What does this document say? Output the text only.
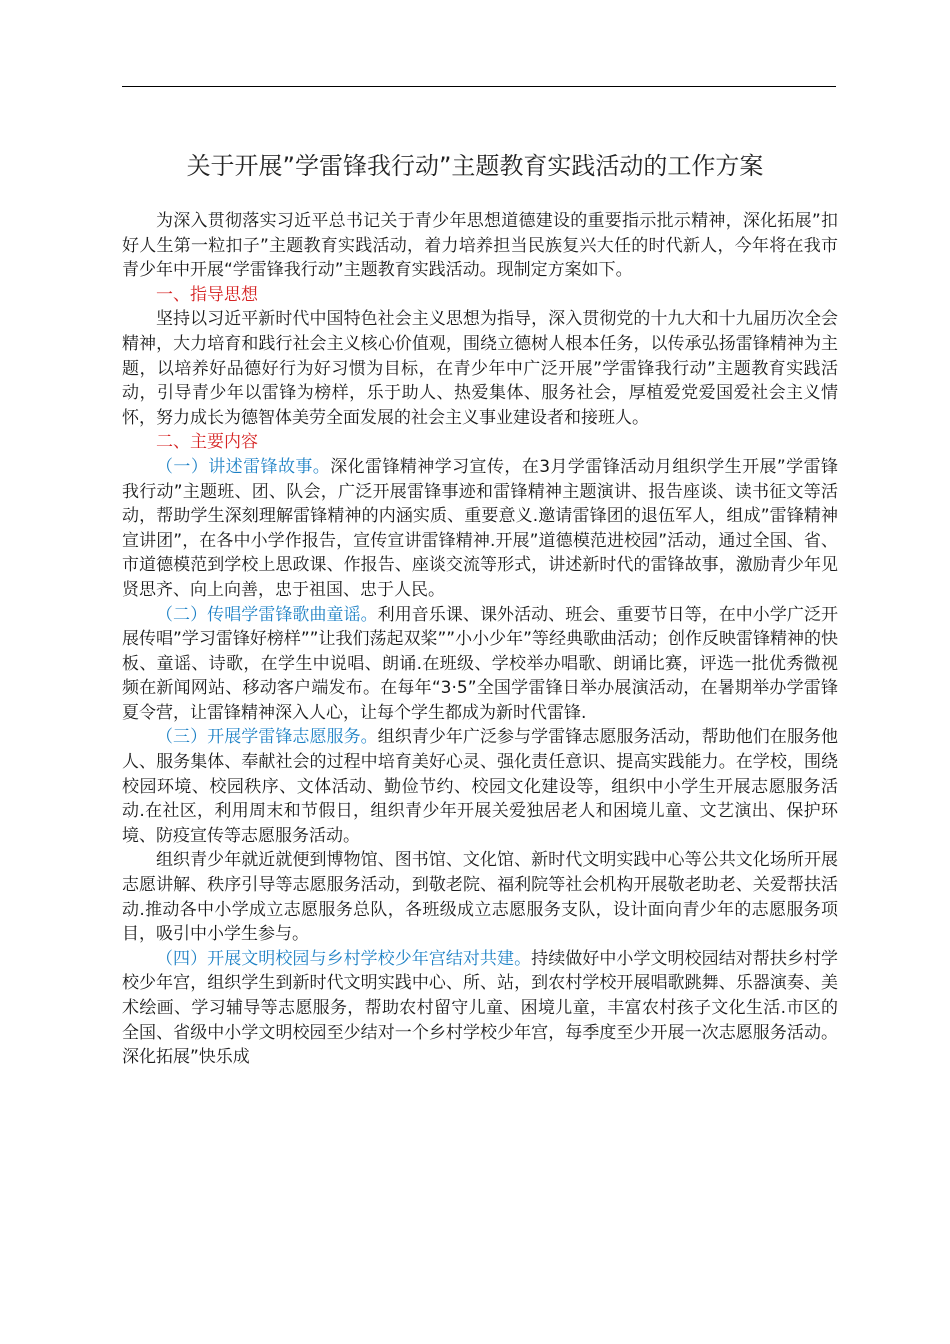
关于开展”学雷锋我行动”主题教育实践活动的工作方案

为深入贯彻落实习近平总书记关于青少年思想道德建设的重要指示批示精神，深化拓展”扣好人生第一粒扣子”主题教育实践活动，着力培养担当民族复兴大任的时代新人，今年将在我市青少年中开展“学雷锋我行动”主题教育实践活动。现制定方案如下。

一、指导思想

坚持以习近平新时代中国特色社会主义思想为指导，深入贯彻党的十九大和十九届历次全会精神，大力培育和践行社会主义核心价值观，围绕立德树人根本任务，以传承弘扬雷锋精神为主题，以培养好品德好行为好习惯为目标，在青少年中广泛开展”学雷锋我行动”主题教育实践活动，引导青少年以雷锋为榜样，乐于助人、热爱集体、服务社会，厚植爱党爱国爱社会主义情怀，努力成长为德智体美劳全面发展的社会主义事业建设者和接班人。

二、主要内容

（一）讲述雷锋故事。深化雷锋精神学习宣传，在3月学雷锋活动月组织学生开展”学雷锋我行动”主题班、团、队会，广泛开展雷锋事迹和雷锋精神主题演讲、报告座谈、读书征文等活动，帮助学生深刻理解雷锋精神的内涵实质、重要意义.邀请雷锋团的退伍军人，组成”雷锋精神宣讲团”，在各中小学作报告，宣传宣讲雷锋精神.开展”道德模范进校园”活动，通过全国、省、市道德模范到学校上思政课、作报告、座谈交流等形式，讲述新时代的雷锋故事，激励青少年见贤思齐、向上向善，忠于祖国、忠于人民。

（二）传唱学雷锋歌曲童谣。利用音乐课、课外活动、班会、重要节日等，在中小学广泛开展传唱”学习雷锋好榜样””让我们荡起双桨””小小少年”等经典歌曲活动；创作反映雷锋精神的快板、童谣、诗歌，在学生中说唱、朗诵.在班级、学校举办唱歌、朗诵比赛，评选一批优秀微视频在新闻网站、移动客户端发布。在每年“3·5”全国学雷锋日举办展演活动，在暑期举办学雷锋夏令营，让雷锋精神深入人心，让每个学生都成为新时代雷锋.

（三）开展学雷锋志愿服务。组织青少年广泛参与学雷锋志愿服务活动，帮助他们在服务他人、服务集体、奉献社会的过程中培育美好心灵、强化责任意识、提高实践能力。在学校，围绕校园环境、校园秩序、文体活动、勤俭节约、校园文化建设等，组织中小学生开展志愿服务活动.在社区，利用周末和节假日，组织青少年开展关爱独居老人和困境儿童、文艺演出、保护环境、防疫宣传等志愿服务活动。

组织青少年就近就便到博物馆、图书馆、文化馆、新时代文明实践中心等公共文化场所开展志愿讲解、秩序引导等志愿服务活动，到敬老院、福利院等社会机构开展敬老助老、关爱帮扶活动.推动各中小学成立志愿服务总队，各班级成立志愿服务支队，设计面向青少年的志愿服务项目，吸引中小学生参与。

（四）开展文明校园与乡村学校少年宫结对共建。持续做好中小学文明校园结对帮扶乡村学校少年宫，组织学生到新时代文明实践中心、所、站，到农村学校开展唱歌跳舞、乐器演奏、美术绘画、学习辅导等志愿服务，帮助农村留守儿童、困境儿童，丰富农村孩子文化生活.市区的全国、省级中小学文明校园至少结对一个乡村学校少年宫，每季度至少开展一次志愿服务活动。深化拓展”快乐成
